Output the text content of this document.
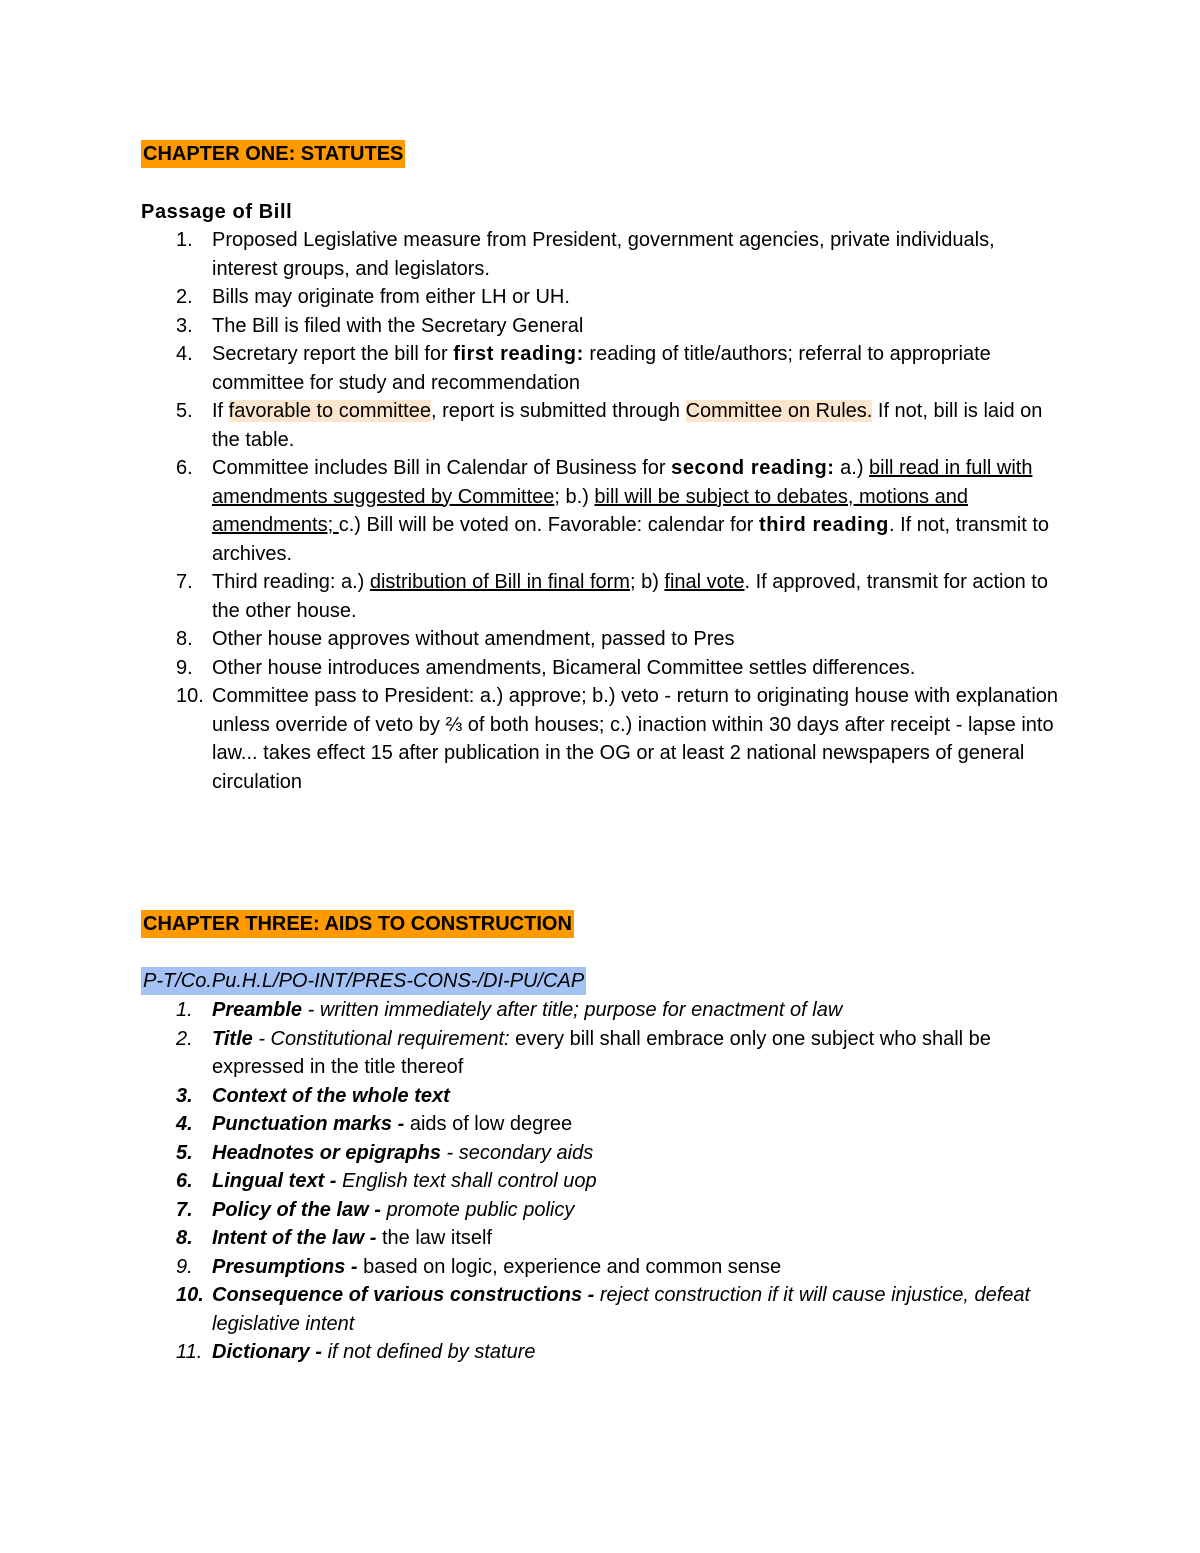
CHAPTER ONE: STATUTES
Passage of Bill
1. Proposed Legislative measure from President, government agencies, private individuals, interest groups, and legislators.
2. Bills may originate from either LH or UH.
3. The Bill is filed with the Secretary General
4. Secretary report the bill for first reading: reading of title/authors; referral to appropriate committee for study and recommendation
5. If favorable to committee, report is submitted through Committee on Rules. If not, bill is laid on the table.
6. Committee includes Bill in Calendar of Business for second reading: a.) bill read in full with amendments suggested by Committee; b.) bill will be subject to debates, motions and amendments; c.) Bill will be voted on. Favorable: calendar for third reading. If not, transmit to archives.
7. Third reading: a.) distribution of Bill in final form; b) final vote. If approved, transmit for action to the other house.
8. Other house approves without amendment, passed to Pres
9. Other house introduces amendments, Bicameral Committee settles differences.
10. Committee pass to President: a.) approve; b.) veto - return to originating house with explanation unless override of veto by ⅔ of both houses; c.) inaction within 30 days after receipt - lapse into law... takes effect 15 after publication in the OG or at least 2 national newspapers of general circulation
CHAPTER THREE: AIDS TO CONSTRUCTION
P-T/Co.Pu.H.L/PO-INT/PRES-CONS-/DI-PU/CAP
1. Preamble - written immediately after title; purpose for enactment of law
2. Title - Constitutional requirement: every bill shall embrace only one subject who shall be expressed in the title thereof
3. Context of the whole text
4. Punctuation marks - aids of low degree
5. Headnotes or epigraphs - secondary aids
6. Lingual text - English text shall control uop
7. Policy of the law - promote public policy
8. Intent of the law - the law itself
9. Presumptions - based on logic, experience and common sense
10. Consequence of various constructions - reject construction if it will cause injustice, defeat legislative intent
11. Dictionary - if not defined by stature
